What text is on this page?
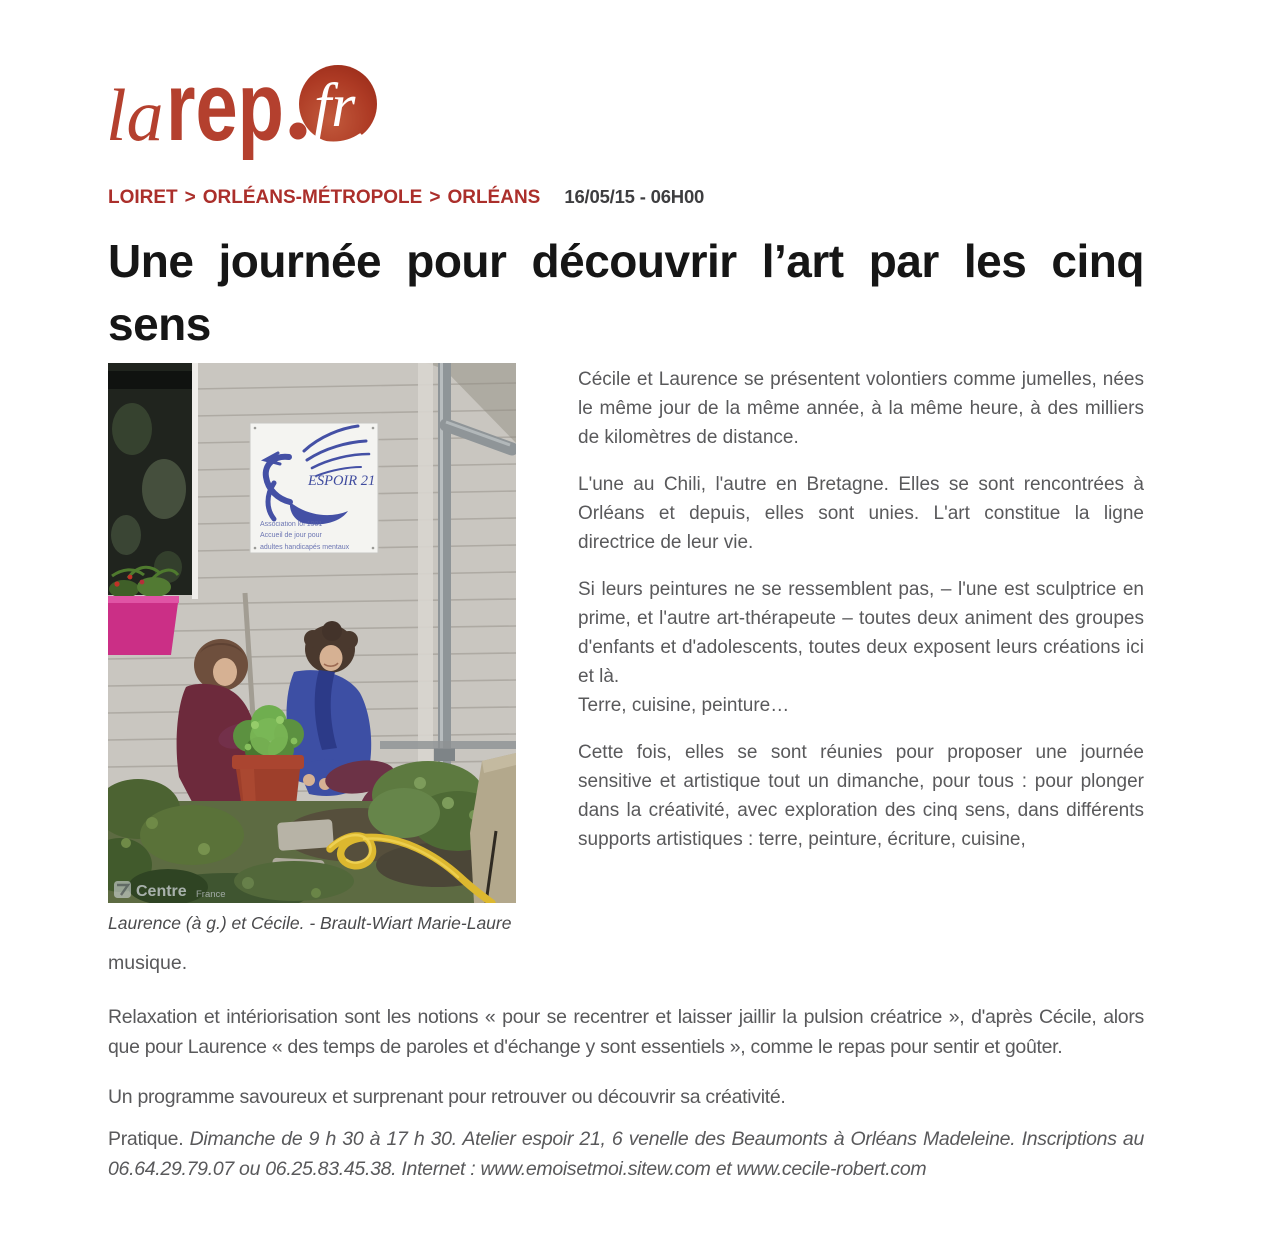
la rep fr
LOIRET > ORLÉANS-MÉTROPOLE > ORLÉANS 16/05/15 - 06H00
Une journée pour découvrir l’art par les cinq sens
ESPOIR 21
Association loi 1901
Accueil de jour pour
adultes handicapés mentaux
Centre France
Laurence (à g.) et Cécile. - Brault-Wiart Marie-Laure

Cécile et Laurence se présentent volontiers comme jumelles, nées le même jour de la même année, à la même heure, à des milliers de kilomètres de distance.

L'une au Chili, l'autre en Bretagne. Elles se sont rencontrées à Orléans et depuis, elles sont unies. L'art constitue la ligne directrice de leur vie.

Si leurs peintures ne se ressemblent pas, – l'une est sculptrice en prime, et l'autre art-thérapeute – toutes deux animent des groupes d'enfants et d'adolescents, toutes deux exposent leurs créations ici et là.
Terre, cuisine, peinture…

Cette fois, elles se sont réunies pour proposer une journée sensitive et artistique tout un dimanche, pour tous : pour plonger dans la créativité, avec exploration des cinq sens, dans différents supports artistiques : terre, peinture, écriture, cuisine,

musique.

Relaxation et intériorisation sont les notions « pour se recentrer et laisser jaillir la pulsion créatrice », d'après Cécile, alors que pour Laurence « des temps de paroles et d'échange y sont essentiels », comme le repas pour sentir et goûter.

Un programme savoureux et surprenant pour retrouver ou découvrir sa créativité.

Pratique. Dimanche de 9 h 30 à 17 h 30. Atelier espoir 21, 6 venelle des Beaumonts à Orléans Madeleine. Inscriptions au 06.64.29.79.07 ou 06.25.83.45.38. Internet : www.emoisetmoi.sitew.com et www.cecile-robert.com
